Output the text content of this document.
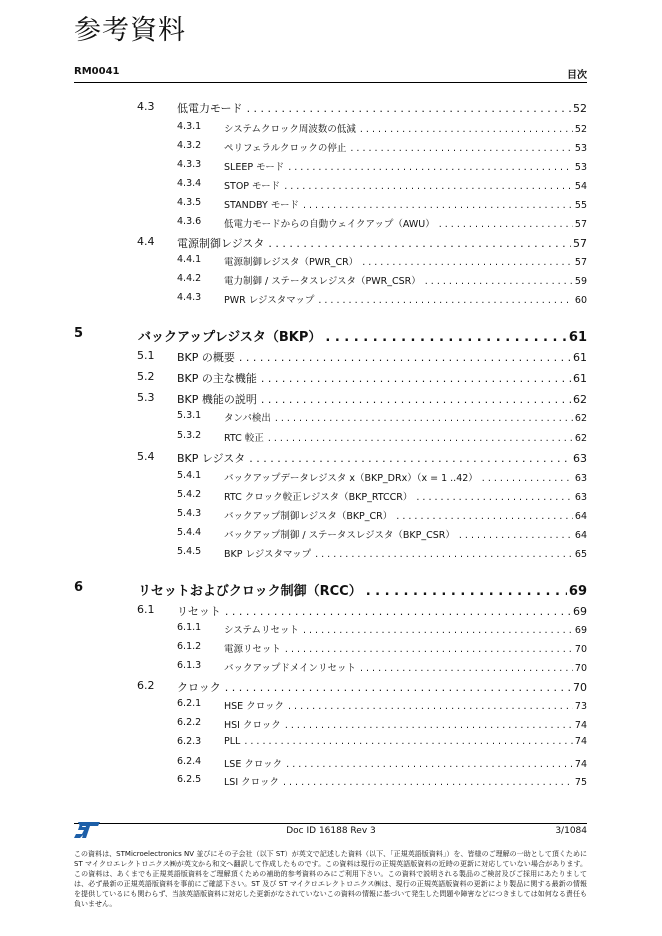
参考資料
RM0041	目次
4.3 低電力モード . . .	52
4.3.1 システムクロック周波数の低減 . . .	52
4.3.2 ペリフェラルクロックの停止 . . .	53
4.3.3 SLEEP モード . . .	53
4.3.4 STOP モード . . .	54
4.3.5 STANDBY モード . . .	55
4.3.6 低電力モードからの自動ウェイクアップ（AWU） . . .	57
4.4 電源制御レジスタ . . .	57
4.4.1 電源制御レジスタ（PWR_CR） . . .	57
4.4.2 電力制御 / ステータスレジスタ（PWR_CSR） . . .	59
4.4.3 PWR レジスタマップ . . .	60
5	バックアップレジスタ（BKP） . . .	61
5.1 BKP の概要 . . .	61
5.2 BKP の主な機能 . . .	61
5.3 BKP 機能の説明 . . .	62
5.3.1 タンパ検出 . . .	62
5.3.2 RTC 較正 . . .	62
5.4 BKP レジスタ . . .	63
5.4.1 バックアップデータレジスタ x（BKP_DRx）（x = 1 ..42） . . .	63
5.4.2 RTC クロック較正レジスタ（BKP_RTCCR） . . .	63
5.4.3 バックアップ制御レジスタ（BKP_CR） . . .	64
5.4.4 バックアップ制御 / ステータスレジスタ（BKP_CSR） . . .	64
5.4.5 BKP レジスタマップ . . .	65
6	リセットおよびクロック制御（RCC） . . .	69
6.1 リセット . . .	69
6.1.1 システムリセット . . .	69
6.1.2 電源リセット . . .	70
6.1.3 バックアップドメインリセット . . .	70
6.2 クロック . . .	70
6.2.1 HSE クロック . . .	73
6.2.2 HSI クロック . . .	74
6.2.3 PLL . . .	74
6.2.4 LSE クロック . . .	74
6.2.5 LSI クロック . . .	75
Doc ID 16188 Rev 3	3/1084
この資料は、STMicroelectronics NV 並びにその子会社（以下 ST）が英文で記述した資料（以下、「正規英語版資料」）を、皆様のご理解の一助として頂くために ST マイクロエレクトロニクス㈱が英文から和文へ翻訳して作成したものです。この資料は現行の正規英語版資料の近時の更新に対応していない場合があります。この資料は、あくまでも正規英語版資料をご理解頂くための補助的参考資料のみにご利用下さい。この資料で説明される製品のご検討及びご採用にあたりましては、必ず最新の正規英語版資料を事前にご確認下さい。ST 及び ST マイクロエレクトロニクス㈱は、現行の正規英語版資料の更新により製品に関する最新の情報を提供しているにも関わらず、当該英語版資料に対応した更新がなされていないこの資料の情報に基づいて発生した問題や障害などにつきましては如何なる責任も負いません。
